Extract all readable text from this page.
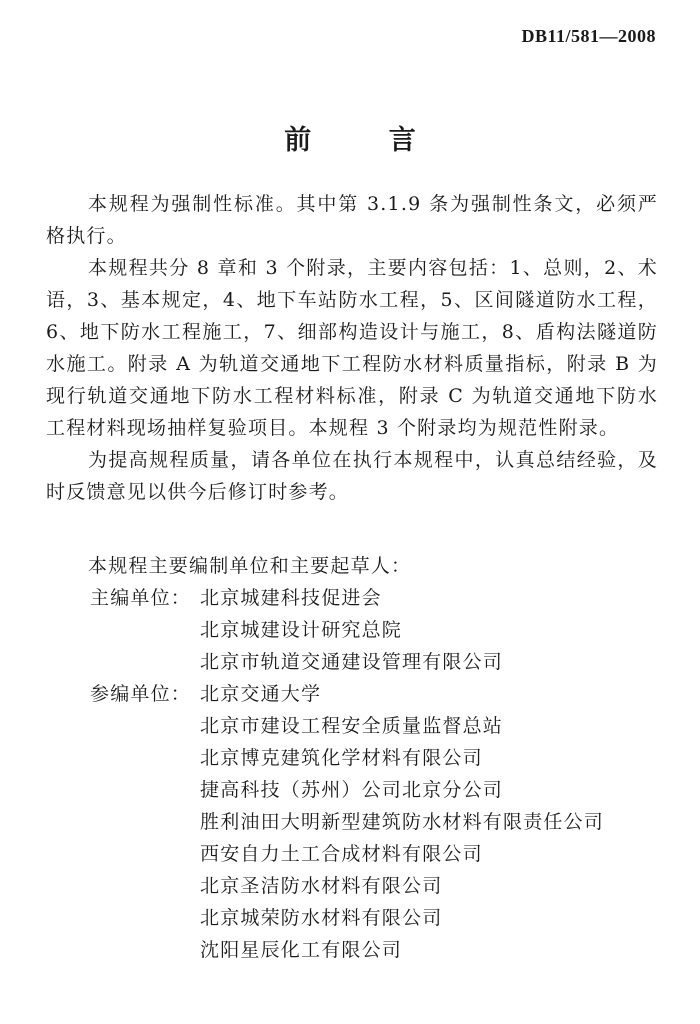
DB11/581—2008
前 言

本规程为强制性标准。其中第 3.1.9 条为强制性条文，必须严格执行。

本规程共分 8 章和 3 个附录，主要内容包括：1、总则，2、术语，3、基本规定，4、地下车站防水工程，5、区间隧道防水工程，6、地下防水工程施工，7、细部构造设计与施工，8、盾构法隧道防水施工。附录 A 为轨道交通地下工程防水材料质量指标，附录 B 为现行轨道交通地下防水工程材料标准，附录 C 为轨道交通地下防水工程材料现场抽样复验项目。本规程 3 个附录均为规范性附录。

为提高规程质量，请各单位在执行本规程中，认真总结经验，及时反馈意见以供今后修订时参考。

本规程主要编制单位和主要起草人：

主编单位： 北京城建科技促进会
北京城建设计研究总院
北京市轨道交通建设管理有限公司
参编单位： 北京交通大学
北京市建设工程安全质量监督总站
北京博克建筑化学材料有限公司
捷高科技（苏州）公司北京分公司
胜利油田大明新型建筑防水材料有限责任公司
西安自力土工合成材料有限公司
北京圣洁防水材料有限公司
北京城荣防水材料有限公司
沈阳星辰化工有限公司
